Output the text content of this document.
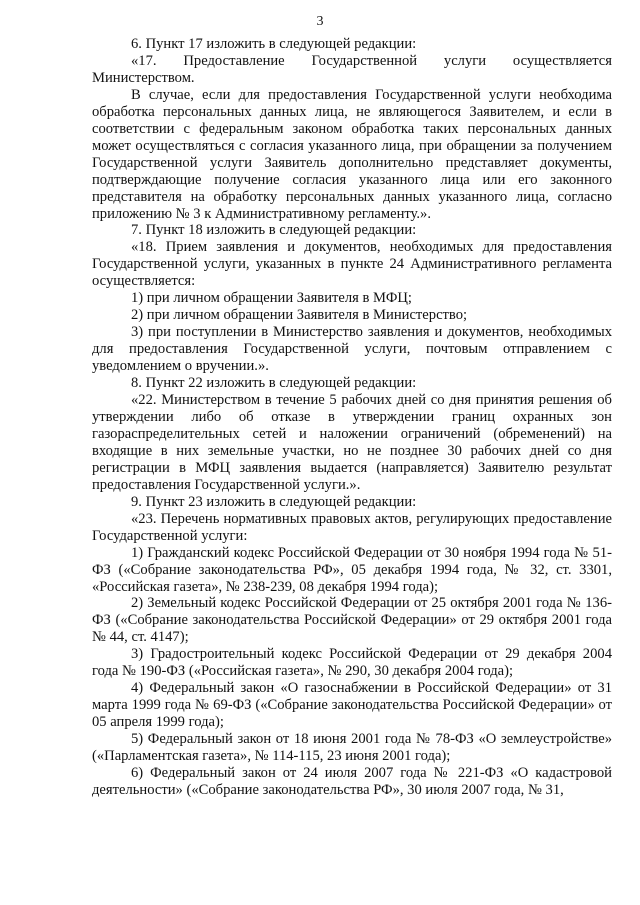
3

6. Пункт 17 изложить в следующей редакции:

«17. Предоставление Государственной услуги осуществляется Министерством.

В случае, если для предоставления Государственной услуги необходима обработка персональных данных лица, не являющегося Заявителем, и если в соответствии с федеральным законом обработка таких персональных данных может осуществляться с согласия указанного лица, при обращении за получением Государственной услуги Заявитель дополнительно представляет документы, подтверждающие получение согласия указанного лица или его законного представителя на обработку персональных данных указанного лица, согласно приложению № 3 к Административному регламенту.».

7. Пункт 18 изложить в следующей редакции:

«18. Прием заявления и документов, необходимых для предоставления Государственной услуги, указанных в пункте 24 Административного регламента осуществляется:

1) при личном обращении Заявителя в МФЦ;

2) при личном обращении Заявителя в Министерство;

3) при поступлении в Министерство заявления и документов, необходимых для предоставления Государственной услуги, почтовым отправлением с уведомлением о вручении.».

8. Пункт 22 изложить в следующей редакции:

«22. Министерством в течение 5 рабочих дней со дня принятия решения об утверждении либо об отказе в утверждении границ охранных зон газораспределительных сетей и наложении ограничений (обременений) на входящие в них земельные участки, но не позднее 30 рабочих дней со дня регистрации в МФЦ заявления выдается (направляется) Заявителю результат предоставления Государственной услуги.».

9. Пункт 23 изложить в следующей редакции:

«23. Перечень нормативных правовых актов, регулирующих предоставление Государственной услуги:

1) Гражданский кодекс Российской Федерации от 30 ноября 1994 года № 51-ФЗ («Собрание законодательства РФ», 05 декабря 1994 года, № 32, ст. 3301, «Российская газета», № 238-239, 08 декабря 1994 года);

2) Земельный кодекс Российской Федерации от 25 октября 2001 года № 136-ФЗ («Собрание законодательства Российской Федерации» от 29 октября 2001 года № 44, ст. 4147);

3) Градостроительный кодекс Российской Федерации от 29 декабря 2004 года № 190-ФЗ («Российская газета», № 290, 30 декабря 2004 года);

4) Федеральный закон «О газоснабжении в Российской Федерации» от 31 марта 1999 года № 69-ФЗ («Собрание законодательства Российской Федерации» от 05 апреля 1999 года);

5) Федеральный закон от 18 июня 2001 года № 78-ФЗ «О землеустройстве» («Парламентская газета», № 114-115, 23 июня 2001 года);

6) Федеральный закон от 24 июля 2007 года № 221-ФЗ «О кадастровой деятельности» («Собрание законодательства РФ», 30 июля 2007 года, № 31,
